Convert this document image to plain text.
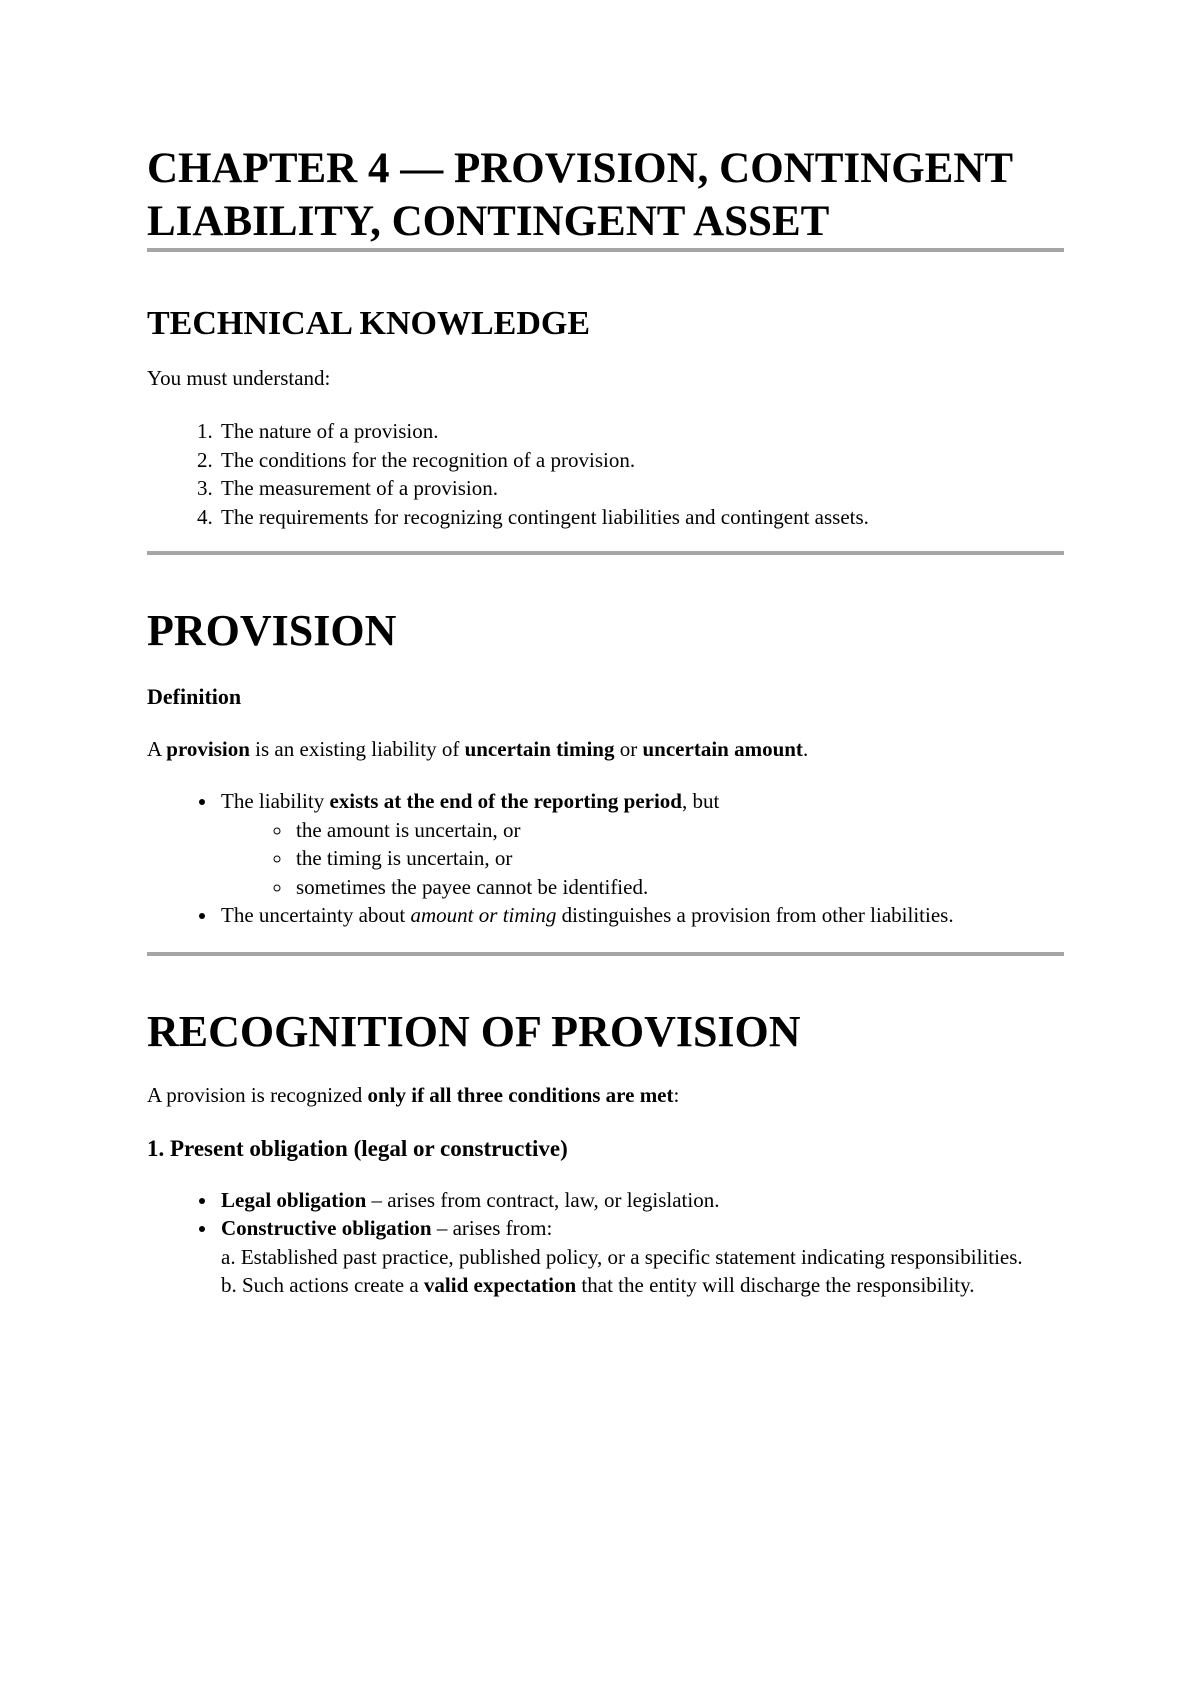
CHAPTER 4 — PROVISION, CONTINGENT LIABILITY, CONTINGENT ASSET
TECHNICAL KNOWLEDGE

You must understand:

1. The nature of a provision.
2. The conditions for the recognition of a provision.
3. The measurement of a provision.
4. The requirements for recognizing contingent liabilities and contingent assets.
PROVISION

Definition

A provision is an existing liability of uncertain timing or uncertain amount.

• The liability exists at the end of the reporting period, but
◦ the amount is uncertain, or
◦ the timing is uncertain, or
◦ sometimes the payee cannot be identified.
• The uncertainty about amount or timing distinguishes a provision from other liabilities.
RECOGNITION OF PROVISION

A provision is recognized only if all three conditions are met:

1. Present obligation (legal or constructive)
• Legal obligation – arises from contract, law, or legislation.
• Constructive obligation – arises from:
a. Established past practice, published policy, or a specific statement indicating responsibilities.
b. Such actions create a valid expectation that the entity will discharge the responsibility.
